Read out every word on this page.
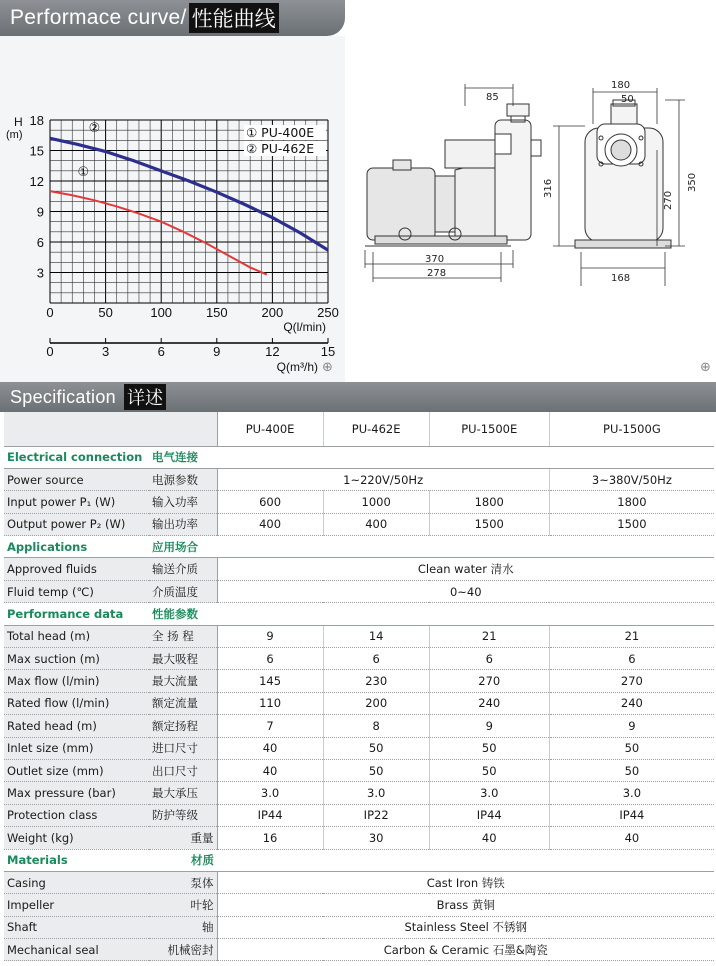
Performace curve/ 性能曲线
3
6
9
12
15
18
H
(m)
0	50	100	150	200	250
Q(l/min)
0	3	6	9	12	15
Q(m³/h)
①
②	① PU-400E
② PU-462E
⊕
85
370
278
180
50
316
270
350
168
⊕
Specification 详述
		PU-400E	PU-462E	PU-1500E	PU-1500G
Electrical connection	电气连接				
Power source	电源参数	1~220V/50Hz			3~380V/50Hz
Input power P₁ (W)	输入功率	600	1000	1800	1800
Output power P₂ (W)	输出功率	400	400	1500	1500
Applications	应用场合				
Approved fluids	输送介质	Clean water 清水			
Fluid temp (℃)	介质温度	0~40			
Performance data	性能参数				
Total head (m)	全 扬 程	9	14	21	21
Max suction (m)	最大吸程	6	6	6	6
Max flow (l/min)	最大流量	145	230	270	270
Rated flow (l/min)	额定流量	110	200	240	240
Rated head (m)	额定扬程	7	8	9	9
Inlet size (mm)	进口尺寸	40	50	50	50
Outlet size (mm)	出口尺寸	40	50	50	50
Max pressure (bar)	最大承压	3.0	3.0	3.0	3.0
Protection class	防护等级	IP44	IP22	IP44	IP44
Weight (kg)	重量	16	30	40	40
Materials	材质				
Casing	泵体	Cast Iron 铸铁			
Impeller	叶轮	Brass 黄铜			
Shaft	轴	Stainless Steel 不锈钢			
Mechanical seal	机械密封	Carbon & Ceramic 石墨&陶瓷			
